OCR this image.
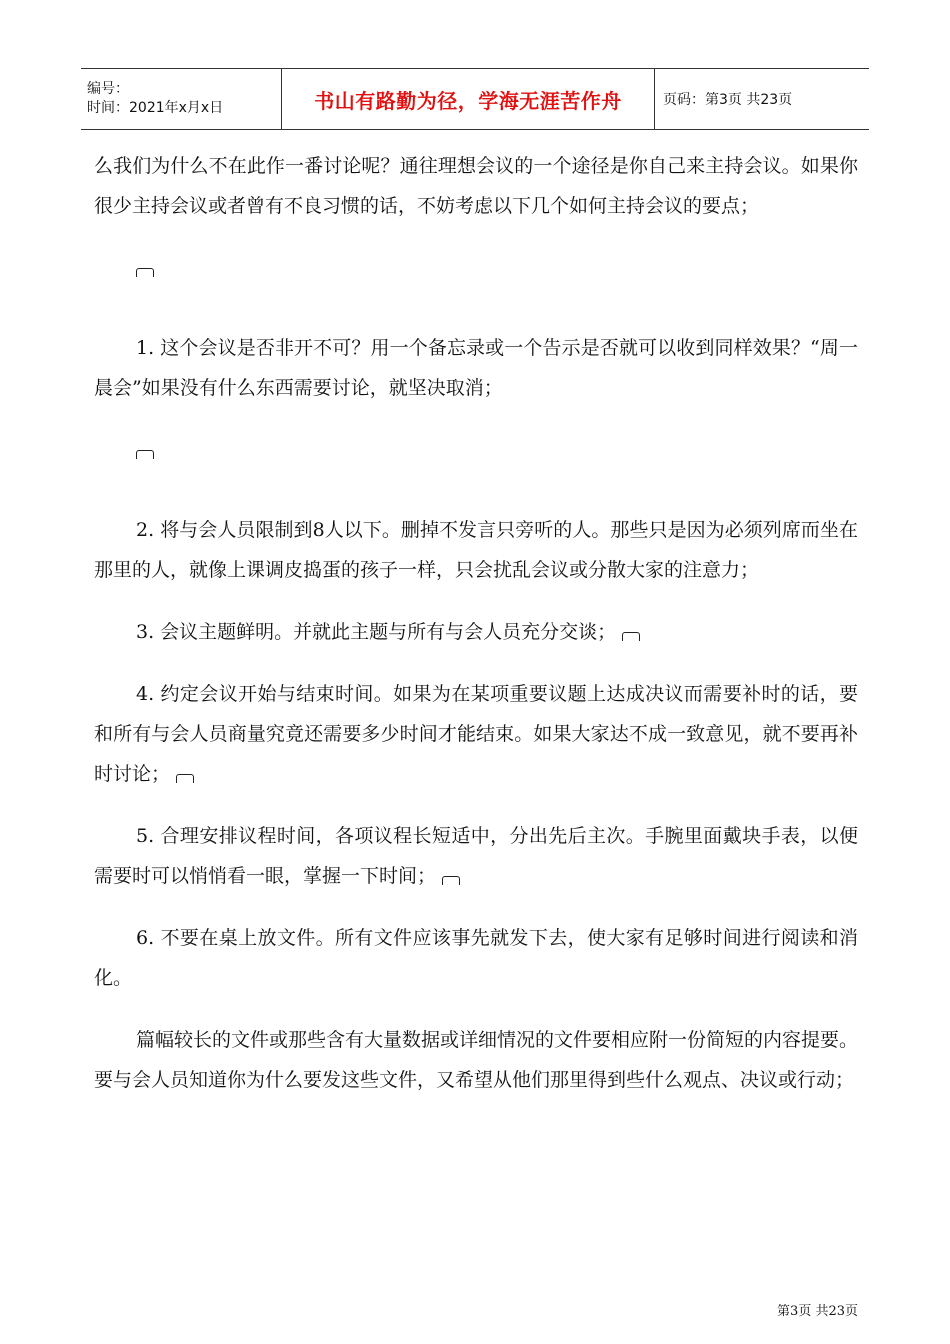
编号：
时间：2021年x月x日	书山有路勤为径，学海无涯苦作舟	页码：第3页 共23页

么我们为什么不在此作一番讨论呢？通往理想会议的一个途径是你自己来主持会议。如果你很少主持会议或者曾有不良习惯的话，不妨考虑以下几个如何主持会议的要点；

1. 这个会议是否非开不可？用一个备忘录或一个告示是否就可以收到同样效果？“周一晨会”如果没有什么东西需要讨论，就坚决取消；

2. 将与会人员限制到8人以下。删掉不发言只旁听的人。那些只是因为必须列席而坐在那里的人，就像上课调皮捣蛋的孩子一样，只会扰乱会议或分散大家的注意力；

3. 会议主题鲜明。并就此主题与所有与会人员充分交谈；

4. 约定会议开始与结束时间。如果为在某项重要议题上达成决议而需要补时的话，要和所有与会人员商量究竟还需要多少时间才能结束。如果大家达不成一致意见，就不要再补时讨论；

5. 合理安排议程时间，各项议程长短适中，分出先后主次。手腕里面戴块手表，以便需要时可以悄悄看一眼，掌握一下时间；

6. 不要在桌上放文件。所有文件应该事先就发下去，使大家有足够时间进行阅读和消化。

篇幅较长的文件或那些含有大量数据或详细情况的文件要相应附一份简短的内容提要。要与会人员知道你为什么要发这些文件，又希望从他们那里得到些什么观点、决议或行动；

第3页 共23页
